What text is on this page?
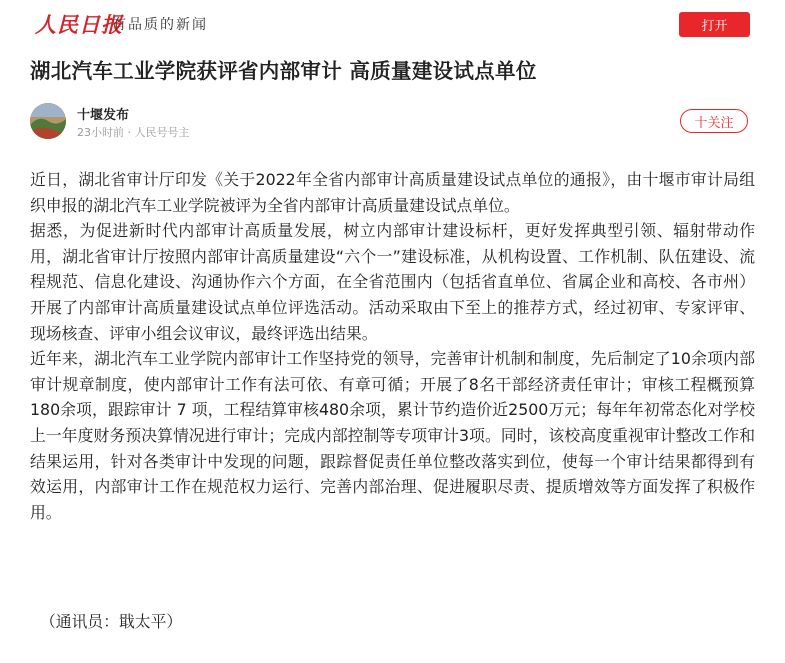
人民日报
有品质的新闻	打开
湖北汽车工业学院获评省内部审计 高质量建设试点单位
十堰发布
23小时前 · 人民号号主
十关注

近日，湖北省审计厅印发《关于2022年全省内部审计高质量建设试点单位的通报》，由十堰市审计局组织申报的湖北汽车工业学院被评为全省内部审计高质量建设试点单位。

据悉，为促进新时代内部审计高质量发展，树立内部审计建设标杆，更好发挥典型引领、辐射带动作用，湖北省审计厅按照内部审计高质量建设“六个一”建设标准，从机构设置、工作机制、队伍建设、流程规范、信息化建设、沟通协作六个方面，在全省范围内（包括省直单位、省属企业和高校、各市州）开展了内部审计高质量建设试点单位评选活动。活动采取由下至上的推荐方式，经过初审、专家评审、现场核查、评审小组会议审议，最终评选出结果。

近年来，湖北汽车工业学院内部审计工作坚持党的领导，完善审计机制和制度，先后制定了10余项内部审计规章制度，使内部审计工作有法可依、有章可循；开展了8名干部经济责任审计；审核工程概预算180余项，跟踪审计 7 项，工程结算审核480余项，累计节约造价近2500万元；每年年初常态化对学校上一年度财务预决算情况进行审计；完成内部控制等专项审计3项。同时，该校高度重视审计整改工作和结果运用，针对各类审计中发现的问题，跟踪督促责任单位整改落实到位，使每一个审计结果都得到有效运用，内部审计工作在规范权力运行、完善内部治理、促进履职尽责、提质增效等方面发挥了积极作用。

（通讯员：戢太平）
